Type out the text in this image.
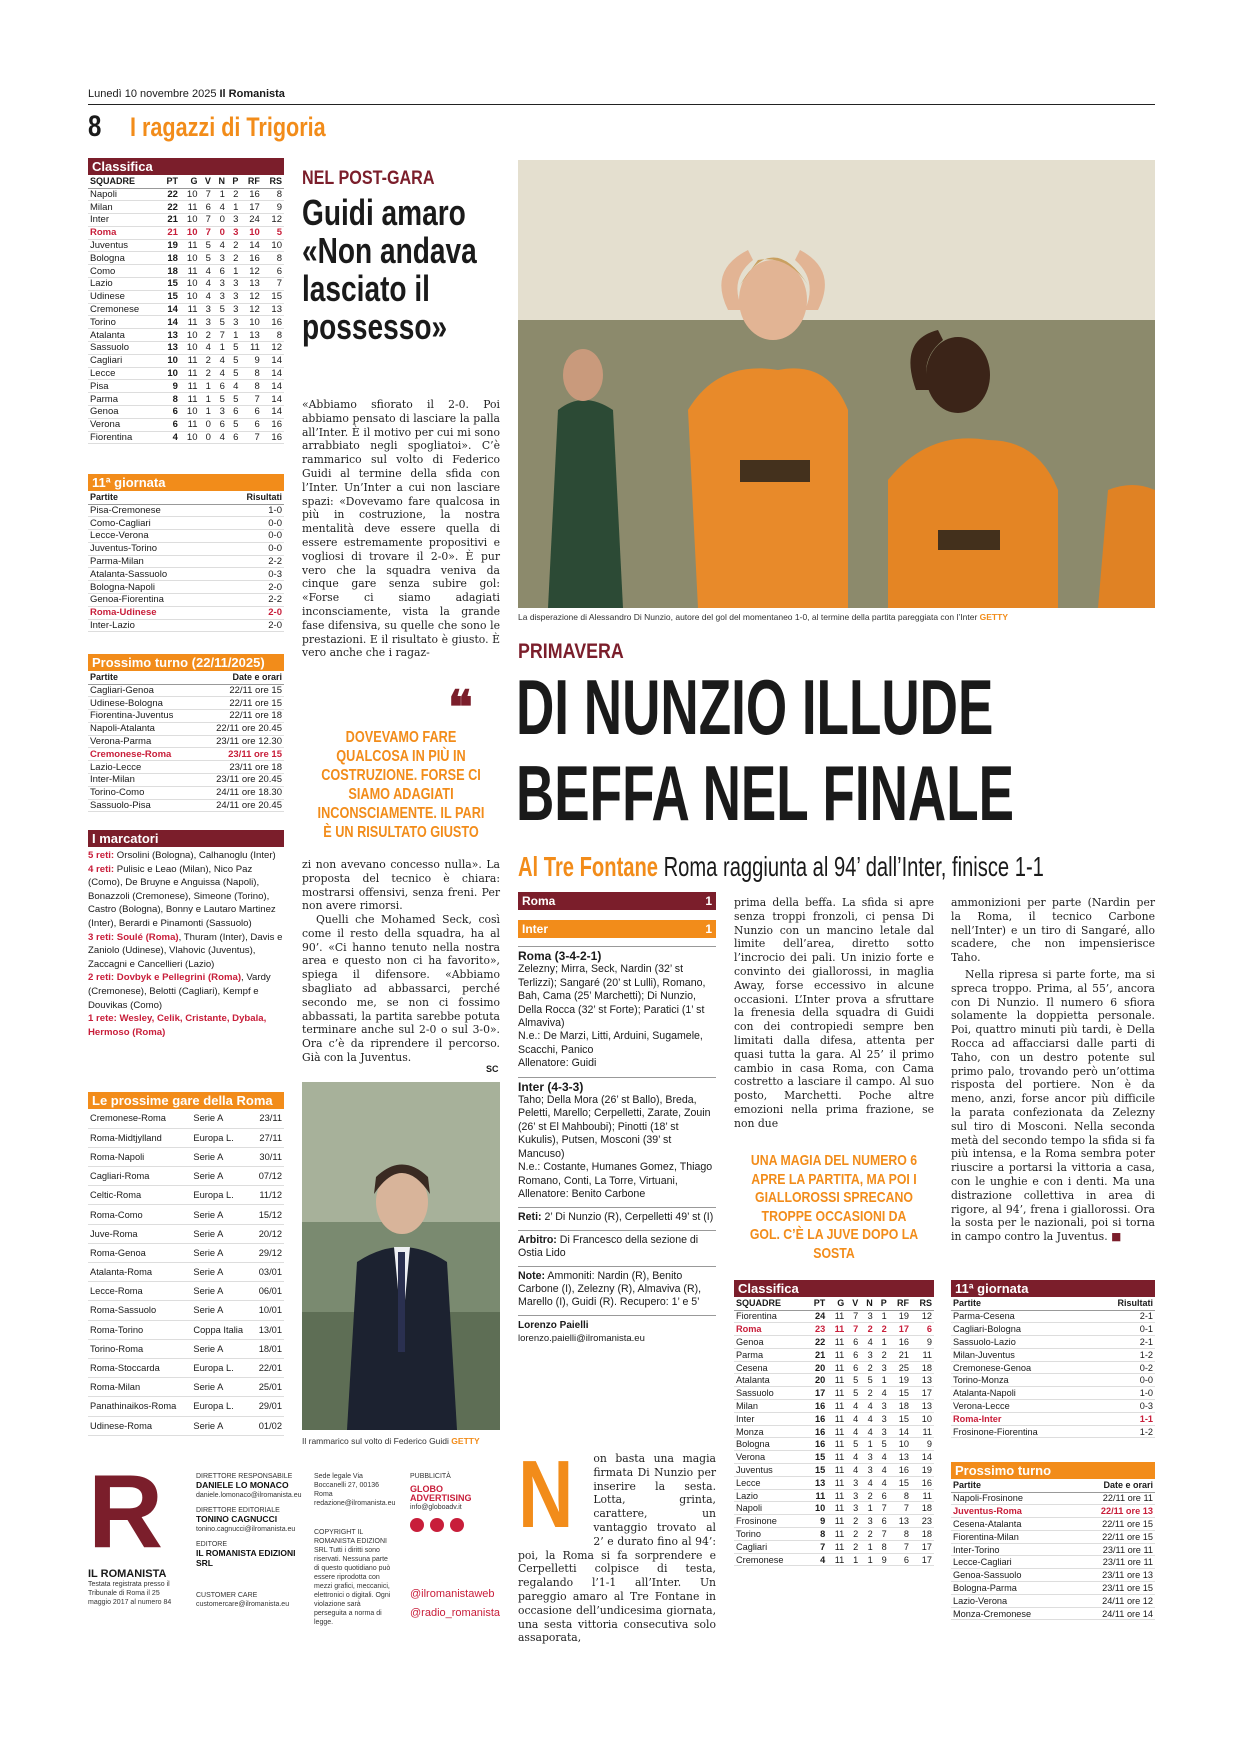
Lunedì 10 novembre 2025 Il Romanista
8 I ragazzi di Trigoria
Classifica
SQUADRE	PT	G	V	N	P	RF	RS
Napoli	22	10	7	1	2	16	8
Milan	22	11	6	4	1	17	9
Inter	21	10	7	0	3	24	12
Roma	21	10	7	0	3	10	5
Juventus	19	11	5	4	2	14	10
Bologna	18	10	5	3	2	16	8
Como	18	11	4	6	1	12	6
Lazio	15	10	4	3	3	13	7
Udinese	15	10	4	3	3	12	15
Cremonese	14	11	3	5	3	12	13
Torino	14	11	3	5	3	10	16
Atalanta	13	10	2	7	1	13	8
Sassuolo	13	10	4	1	5	11	12
Cagliari	10	11	2	4	5	9	14
Lecce	10	11	2	4	5	8	14
Pisa	9	11	1	6	4	8	14
Parma	8	11	1	5	5	7	14
Genoa	6	10	1	3	6	6	14
Verona	6	11	0	6	5	6	16
Fiorentina	4	10	0	4	6	7	16
11ª giornata
Partite	Risultati
Pisa-Cremonese	1-0
Como-Cagliari	0-0
Lecce-Verona	0-0
Juventus-Torino	0-0
Parma-Milan	2-2
Atalanta-Sassuolo	0-3
Bologna-Napoli	2-0
Genoa-Fiorentina	2-2
Roma-Udinese	2-0
Inter-Lazio	2-0
Prossimo turno (22/11/2025)
Partite	Date e orari
Cagliari-Genoa	22/11 ore 15
Udinese-Bologna	22/11 ore 15
Fiorentina-Juventus	22/11 ore 18
Napoli-Atalanta	22/11 ore 20.45
Verona-Parma	23/11 ore 12.30
Cremonese-Roma	23/11 ore 15
Lazio-Lecce	23/11 ore 18
Inter-Milan	23/11 ore 20.45
Torino-Como	24/11 ore 18.30
Sassuolo-Pisa	24/11 ore 20.45
I marcatori
5 reti: Orsolini (Bologna), Calhanoglu (Inter)
4 reti: Pulisic e Leao (Milan), Nico Paz (Como), De Bruyne e Anguissa (Napoli), Bonazzoli (Cremonese), Simeone (Torino), Castro (Bologna), Bonny e Lautaro Martinez (Inter), Berardi e Pinamonti (Sassuolo)
3 reti: Soulé (Roma), Thuram (Inter), Davis e Zaniolo (Udinese), Vlahovic (Juventus), Zaccagni e Cancellieri (Lazio)
2 reti: Dovbyk e Pellegrini (Roma), Vardy (Cremonese), Belotti (Cagliari), Kempf e Douvikas (Como)
1 rete: Wesley, Celik, Cristante, Dybala, Hermoso (Roma)
Le prossime gare della Roma
Cremonese-Roma	Serie A	23/11
Roma-Midtjylland	Europa L.	27/11
Roma-Napoli	Serie A	30/11
Cagliari-Roma	Serie A	07/12
Celtic-Roma	Europa L.	11/12
Roma-Como	Serie A	15/12
Juve-Roma	Serie A	20/12
Roma-Genoa	Serie A	29/12
Atalanta-Roma	Serie A	03/01
Lecce-Roma	Serie A	06/01
Roma-Sassuolo	Serie A	10/01
Roma-Torino	Coppa Italia	13/01
Torino-Roma	Serie A	18/01
Roma-Stoccarda	Europa L.	22/01
Roma-Milan	Serie A	25/01
Panathinaikos-Roma	Europa L.	29/01
Udinese-Roma	Serie A	01/02
NEL POST-GARA
Guidi amaro «Non andava lasciato il possesso»
«Abbiamo sfiorato il 2-0. Poi abbiamo pensato di lasciare la palla all’Inter. È il motivo per cui mi sono arrabbiato negli spogliatoi». C’è rammarico sul volto di Federico Guidi al termine della sfida con l’Inter. Un’Inter a cui non lasciare spazi: «Dovevamo fare qualcosa in più in costruzione, la nostra mentalità deve essere quella di essere estremamente propositivi e vogliosi di trovare il 2-0». È pur vero che la squadra veniva da cinque gare senza subire gol: «Forse ci siamo adagiati inconsciamente, vista la grande fase difensiva, su quelle che sono le prestazioni. E il risultato è giusto. È vero anche che i ragaz-
❝
DOVEVAMO FARE QUALCOSA IN PIÙ IN COSTRUZIONE. FORSE CI SIAMO ADAGIATI INCONSCIAMENTE. IL PARI È UN RISULTATO GIUSTO
zi non avevano concesso nulla». La proposta del tecnico è chiara: mostrarsi offensivi, senza freni. Per non avere rimorsi.
Quelli che Mohamed Seck, così come il resto della squadra, ha al 90’. «Ci hanno tenuto nella nostra area e questo non ci ha favorito», spiega il difensore. «Abbiamo sbagliato ad abbassarci, perché secondo me, se non ci fossimo abbassati, la partita sarebbe potuta terminare anche sul 2-0 o sul 3-0». Ora c’è da riprendere il percorso. Già con la Juventus.
SC
Il rammarico sul volto di Federico Guidi GETTY
La disperazione di Alessandro Di Nunzio, autore del gol del momentaneo 1-0, al termine della partita pareggiata con l’Inter GETTY
PRIMAVERA
DI NUNZIO ILLUDE
BEFFA NEL FINALE
Al Tre Fontane Roma raggiunta al 94’ dall’Inter, finisce 1-1
1
Roma
1
Inter
Roma (3-4-2-1)
Zelezny; Mirra, Seck, Nardin (32’ st Terlizzi); Sangaré (20’ st Lulli), Romano, Bah, Cama (25’ Marchetti); Di Nunzio, Della Rocca (32’ st Forte); Paratici (1’ st Almaviva)
N.e.: De Marzi, Litti, Arduini, Sugamele, Scacchi, Panico
Allenatore: Guidi
Inter (4-3-3)
Taho; Della Mora (26’ st Ballo), Breda, Peletti, Marello; Cerpelletti, Zarate, Zouin (26’ st El Mahboubi); Pinotti (18’ st Kukulis), Putsen, Mosconi (39’ st Mancuso)
N.e.: Costante, Humanes Gomez, Thiago Romano, Conti, La Torre, Virtuani,
Allenatore: Benito Carbone
Reti: 2’ Di Nunzio (R), Cerpelletti 49’ st (I)
Arbitro: Di Francesco della sezione di Ostia Lido
Note: Ammoniti: Nardin (R), Benito Carbone (I), Zelezny (R), Almaviva (R), Marello (I), Guidi (R). Recupero: 1’ e 5’
Lorenzo Paielli
lorenzo.paielli@ilromanista.eu
N	on basta una magia firmata Di Nunzio per inserire la sesta. Lotta, grinta, carattere, un vantaggio trovato al 2’ e durato fino al 94’: poi, la Roma si fa sorprendere e Cerpelletti colpisce di testa, regalando l’1-1 all’Inter. Un pareggio amaro al Tre Fontane in occasione dell’undicesima giornata, una sesta vittoria consecutiva solo assaporata,
prima della beffa. La sfida si apre senza troppi fronzoli, ci pensa Di Nunzio con un mancino letale dal limite dell’area, diretto sotto l’incrocio dei pali. Un inizio forte e convinto dei giallorossi, in maglia Away, forse eccessivo in alcune occasioni. L’Inter prova a sfruttare la frenesia della squadra di Guidi con dei contropiedi sempre ben limitati dalla difesa, attenta per quasi tutta la gara. Al 25’ il primo cambio in casa Roma, con Cama costretto a lasciare il campo. Al suo posto, Marchetti. Poche altre emozioni nella prima frazione, se non due
UNA MAGIA DEL NUMERO 6 APRE LA PARTITA, MA POI I GIALLOROSSI SPRECANO TROPPE OCCASIONI DA GOL. C’È LA JUVE DOPO LA SOSTA
ammonizioni per parte (Nardin per la Roma, il tecnico Carbone nell’Inter) e un tiro di Sangaré, allo scadere, che non impensierisce Taho.
Nella ripresa si parte forte, ma si spreca troppo. Prima, al 55’, ancora con Di Nunzio. Il numero 6 sfiora solamente la doppietta personale. Poi, quattro minuti più tardi, è Della Rocca ad affacciarsi dalle parti di Taho, con un destro potente sul primo palo, trovando però un’ottima risposta del portiere. Non è da meno, anzi, forse ancor più difficile la parata confezionata da Zelezny sul tiro di Mosconi. Nella seconda metà del secondo tempo la sfida si fa più intensa, e la Roma sembra poter riuscire a portarsi la vittoria a casa, con le unghie e con i denti. Ma una distrazione collettiva in area di rigore, al 94’, frena i giallorossi. Ora la sosta per le nazionali, poi si torna in campo contro la Juventus. ■
Classifica
SQUADRE	PT	G	V	N	P	RF	RS
Fiorentina	24	11	7	3	1	19	12
Roma	23	11	7	2	2	17	6
Genoa	22	11	6	4	1	16	9
Parma	21	11	6	3	2	21	11
Cesena	20	11	6	2	3	25	18
Atalanta	20	11	5	5	1	19	13
Sassuolo	17	11	5	2	4	15	17
Milan	16	11	4	4	3	18	13
Inter	16	11	4	4	3	15	10
Monza	16	11	4	4	3	14	11
Bologna	16	11	5	1	5	10	9
Verona	15	11	4	3	4	13	14
Juventus	15	11	4	3	4	16	19
Lecce	13	11	3	4	4	15	16
Lazio	11	11	3	2	6	8	11
Napoli	10	11	3	1	7	7	18
Frosinone	9	11	2	3	6	13	23
Torino	8	11	2	2	7	8	18
Cagliari	7	11	2	1	8	7	17
Cremonese	4	11	1	1	9	6	17
11ª giornata
Partite	Risultati
Parma-Cesena	2-1
Cagliari-Bologna	0-1
Sassuolo-Lazio	2-1
Milan-Juventus	1-2
Cremonese-Genoa	0-2
Torino-Monza	0-0
Atalanta-Napoli	1-0
Verona-Lecce	0-3
Roma-Inter	1-1
Frosinone-Fiorentina	1-2
Prossimo turno
Partite	Date e orari
Napoli-Frosinone	22/11 ore 11
Juventus-Roma	22/11 ore 13
Cesena-Atalanta	22/11 ore 15
Fiorentina-Milan	22/11 ore 15
Inter-Torino	23/11 ore 11
Lecce-Cagliari	23/11 ore 11
Genoa-Sassuolo	23/11 ore 13
Bologna-Parma	23/11 ore 15
Lazio-Verona	24/11 ore 12
Monza-Cremonese	24/11 ore 14
R
IL ROMANISTA
Testata registrata presso il Tribunale di Roma il 25 maggio 2017 al numero 84
DIRETTORE RESPONSABILE
DANIELE LO MONACO
daniele.lomonaco@ilromanista.eu
DIRETTORE EDITORIALE
TONINO CAGNUCCI
tonino.cagnucci@ilromanista.eu
EDITORE
IL ROMANISTA EDIZIONI SRL
CUSTOMER CARE
customercare@ilromanista.eu
Sede legale Via Boccanelli 27, 00136 Roma redazione@ilromanista.eu
COPYRIGHT IL ROMANISTA EDIZIONI SRL Tutti i diritti sono riservati. Nessuna parte di questo quotidiano può essere riprodotta con mezzi grafici, meccanici, elettronici o digitali. Ogni violazione sarà perseguita a norma di legge.
PUBBLICITÀ
GLOBO ADVERTISING
info@globoadv.it
@ilromanistaweb
@radio_romanista
